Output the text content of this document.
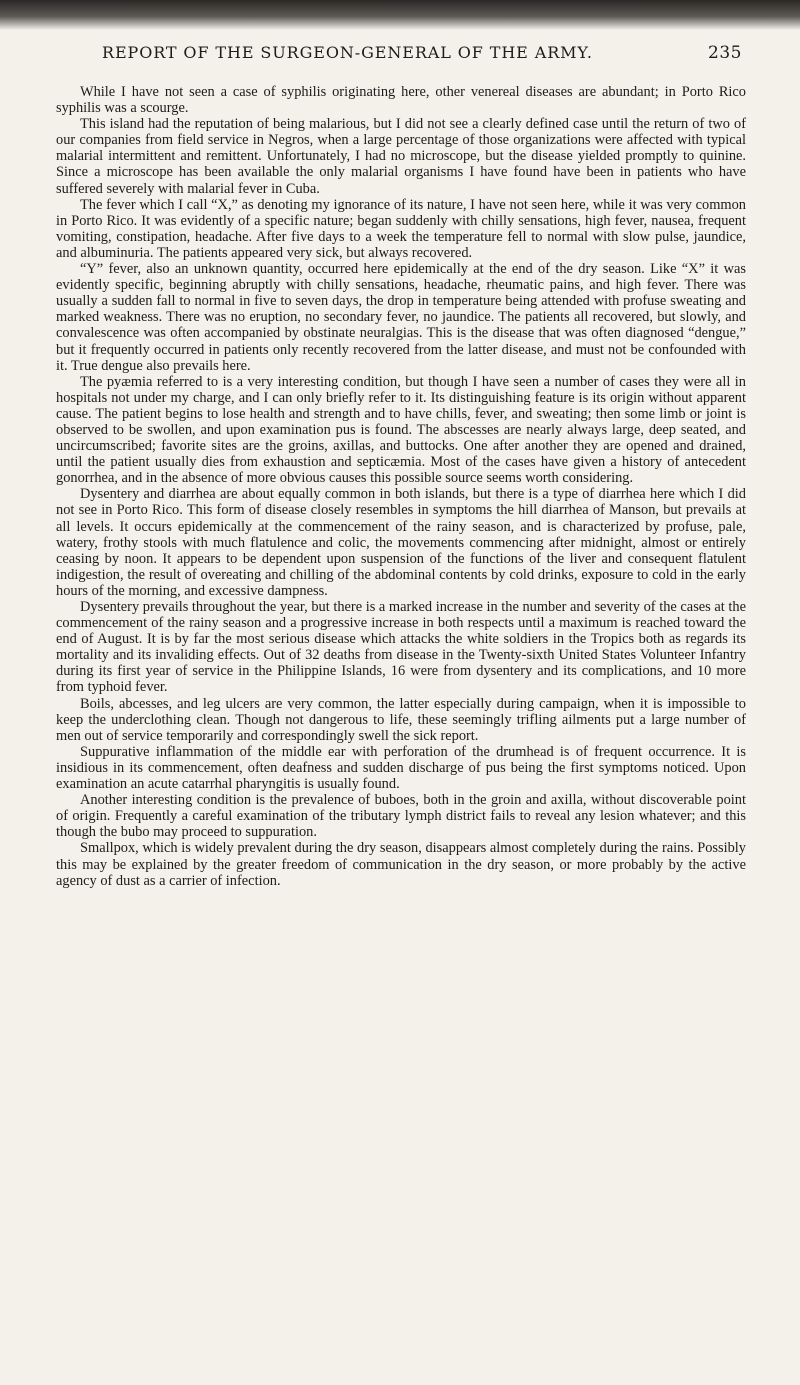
REPORT OF THE SURGEON-GENERAL OF THE ARMY.	235

While I have not seen a case of syphilis originating here, other venereal diseases are abundant; in Porto Rico syphilis was a scourge.

This island had the reputation of being malarious, but I did not see a clearly defined case until the return of two of our companies from field service in Negros, when a large percentage of those organizations were affected with typical malarial intermittent and remittent. Unfortunately, I had no microscope, but the disease yielded promptly to quinine. Since a microscope has been available the only malarial organisms I have found have been in patients who have suffered severely with malarial fever in Cuba.

The fever which I call “X,” as denoting my ignorance of its nature, I have not seen here, while it was very common in Porto Rico. It was evidently of a specific nature; began suddenly with chilly sensations, high fever, nausea, frequent vomiting, constipation, headache. After five days to a week the temperature fell to normal with slow pulse, jaundice, and albuminuria. The patients appeared very sick, but always recovered.

“Y” fever, also an unknown quantity, occurred here epidemically at the end of the dry season. Like “X” it was evidently specific, beginning abruptly with chilly sensations, headache, rheumatic pains, and high fever. There was usually a sudden fall to normal in five to seven days, the drop in temperature being attended with profuse sweating and marked weakness. There was no eruption, no secondary fever, no jaundice. The patients all recovered, but slowly, and convalescence was often accompanied by obstinate neuralgias. This is the disease that was often diagnosed “dengue,” but it frequently occurred in patients only recently recovered from the latter disease, and must not be confounded with it. True dengue also prevails here.

The pyæmia referred to is a very interesting condition, but though I have seen a number of cases they were all in hospitals not under my charge, and I can only briefly refer to it. Its distinguishing feature is its origin without apparent cause. The patient begins to lose health and strength and to have chills, fever, and sweating; then some limb or joint is observed to be swollen, and upon examination pus is found. The abscesses are nearly always large, deep seated, and uncircumscribed; favorite sites are the groins, axillas, and buttocks. One after another they are opened and drained, until the patient usually dies from exhaustion and septicæmia. Most of the cases have given a history of antecedent gonorrhea, and in the absence of more obvious causes this possible source seems worth considering.

Dysentery and diarrhea are about equally common in both islands, but there is a type of diarrhea here which I did not see in Porto Rico. This form of disease closely resembles in symptoms the hill diarrhea of Manson, but prevails at all levels. It occurs epidemically at the commencement of the rainy season, and is characterized by profuse, pale, watery, frothy stools with much flatulence and colic, the movements commencing after midnight, almost or entirely ceasing by noon. It appears to be dependent upon suspension of the functions of the liver and consequent flatulent indigestion, the result of overeating and chilling of the abdominal contents by cold drinks, exposure to cold in the early hours of the morning, and excessive dampness.

Dysentery prevails throughout the year, but there is a marked increase in the number and severity of the cases at the commencement of the rainy season and a progressive increase in both respects until a maximum is reached toward the end of August. It is by far the most serious disease which attacks the white soldiers in the Tropics both as regards its mortality and its invaliding effects. Out of 32 deaths from disease in the Twenty-sixth United States Volunteer Infantry during its first year of service in the Philippine Islands, 16 were from dysentery and its complications, and 10 more from typhoid fever.

Boils, abcesses, and leg ulcers are very common, the latter especially during campaign, when it is impossible to keep the underclothing clean. Though not dangerous to life, these seemingly trifling ailments put a large number of men out of service temporarily and correspondingly swell the sick report.

Suppurative inflammation of the middle ear with perforation of the drumhead is of frequent occurrence. It is insidious in its commencement, often deafness and sudden discharge of pus being the first symptoms noticed. Upon examination an acute catarrhal pharyngitis is usually found.

Another interesting condition is the prevalence of buboes, both in the groin and axilla, without discoverable point of origin. Frequently a careful examination of the tributary lymph district fails to reveal any lesion whatever; and this though the bubo may proceed to suppuration.

Smallpox, which is widely prevalent during the dry season, disappears almost completely during the rains. Possibly this may be explained by the greater freedom of communication in the dry season, or more probably by the active agency of dust as a carrier of infection.
